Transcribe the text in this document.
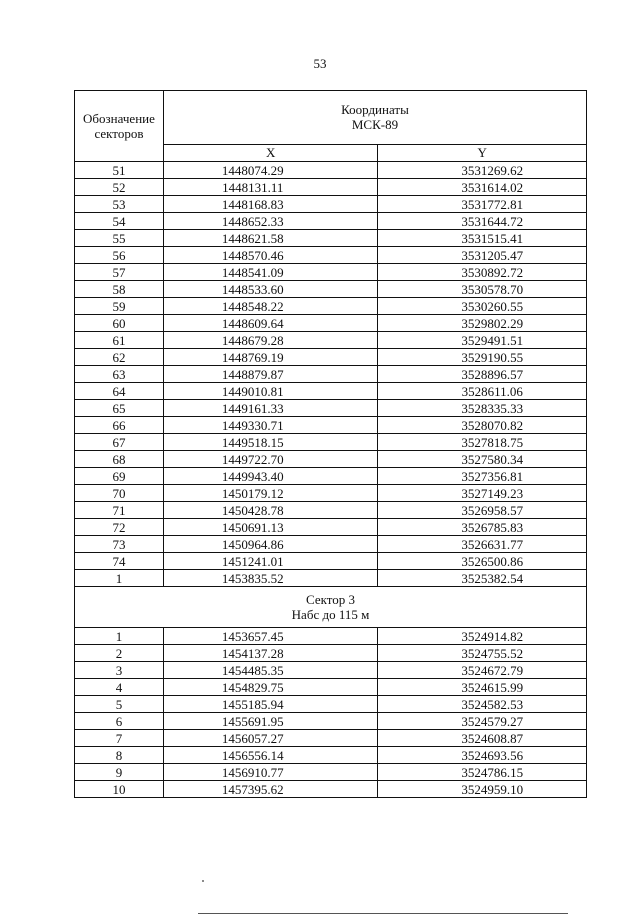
53
Обозначение секторов	Координаты
МСК-89	
	X	Y
51	1448074.29	3531269.62
52	1448131.11	3531614.02
53	1448168.83	3531772.81
54	1448652.33	3531644.72
55	1448621.58	3531515.41
56	1448570.46	3531205.47
57	1448541.09	3530892.72
58	1448533.60	3530578.70
59	1448548.22	3530260.55
60	1448609.64	3529802.29
61	1448679.28	3529491.51
62	1448769.19	3529190.55
63	1448879.87	3528896.57
64	1449010.81	3528611.06
65	1449161.33	3528335.33
66	1449330.71	3528070.82
67	1449518.15	3527818.75
68	1449722.70	3527580.34
69	1449943.40	3527356.81
70	1450179.12	3527149.23
71	1450428.78	3526958.57
72	1450691.13	3526785.83
73	1450964.86	3526631.77
74	1451241.01	3526500.86
1	1453835.52	3525382.54
Сектор 3
Набс до 115 м		
1	1453657.45	3524914.82
2	1454137.28	3524755.52
3	1454485.35	3524672.79
4	1454829.75	3524615.99
5	1455185.94	3524582.53
6	1455691.95	3524579.27
7	1456057.27	3524608.87
8	1456556.14	3524693.56
9	1456910.77	3524786.15
10	1457395.62	3524959.10
